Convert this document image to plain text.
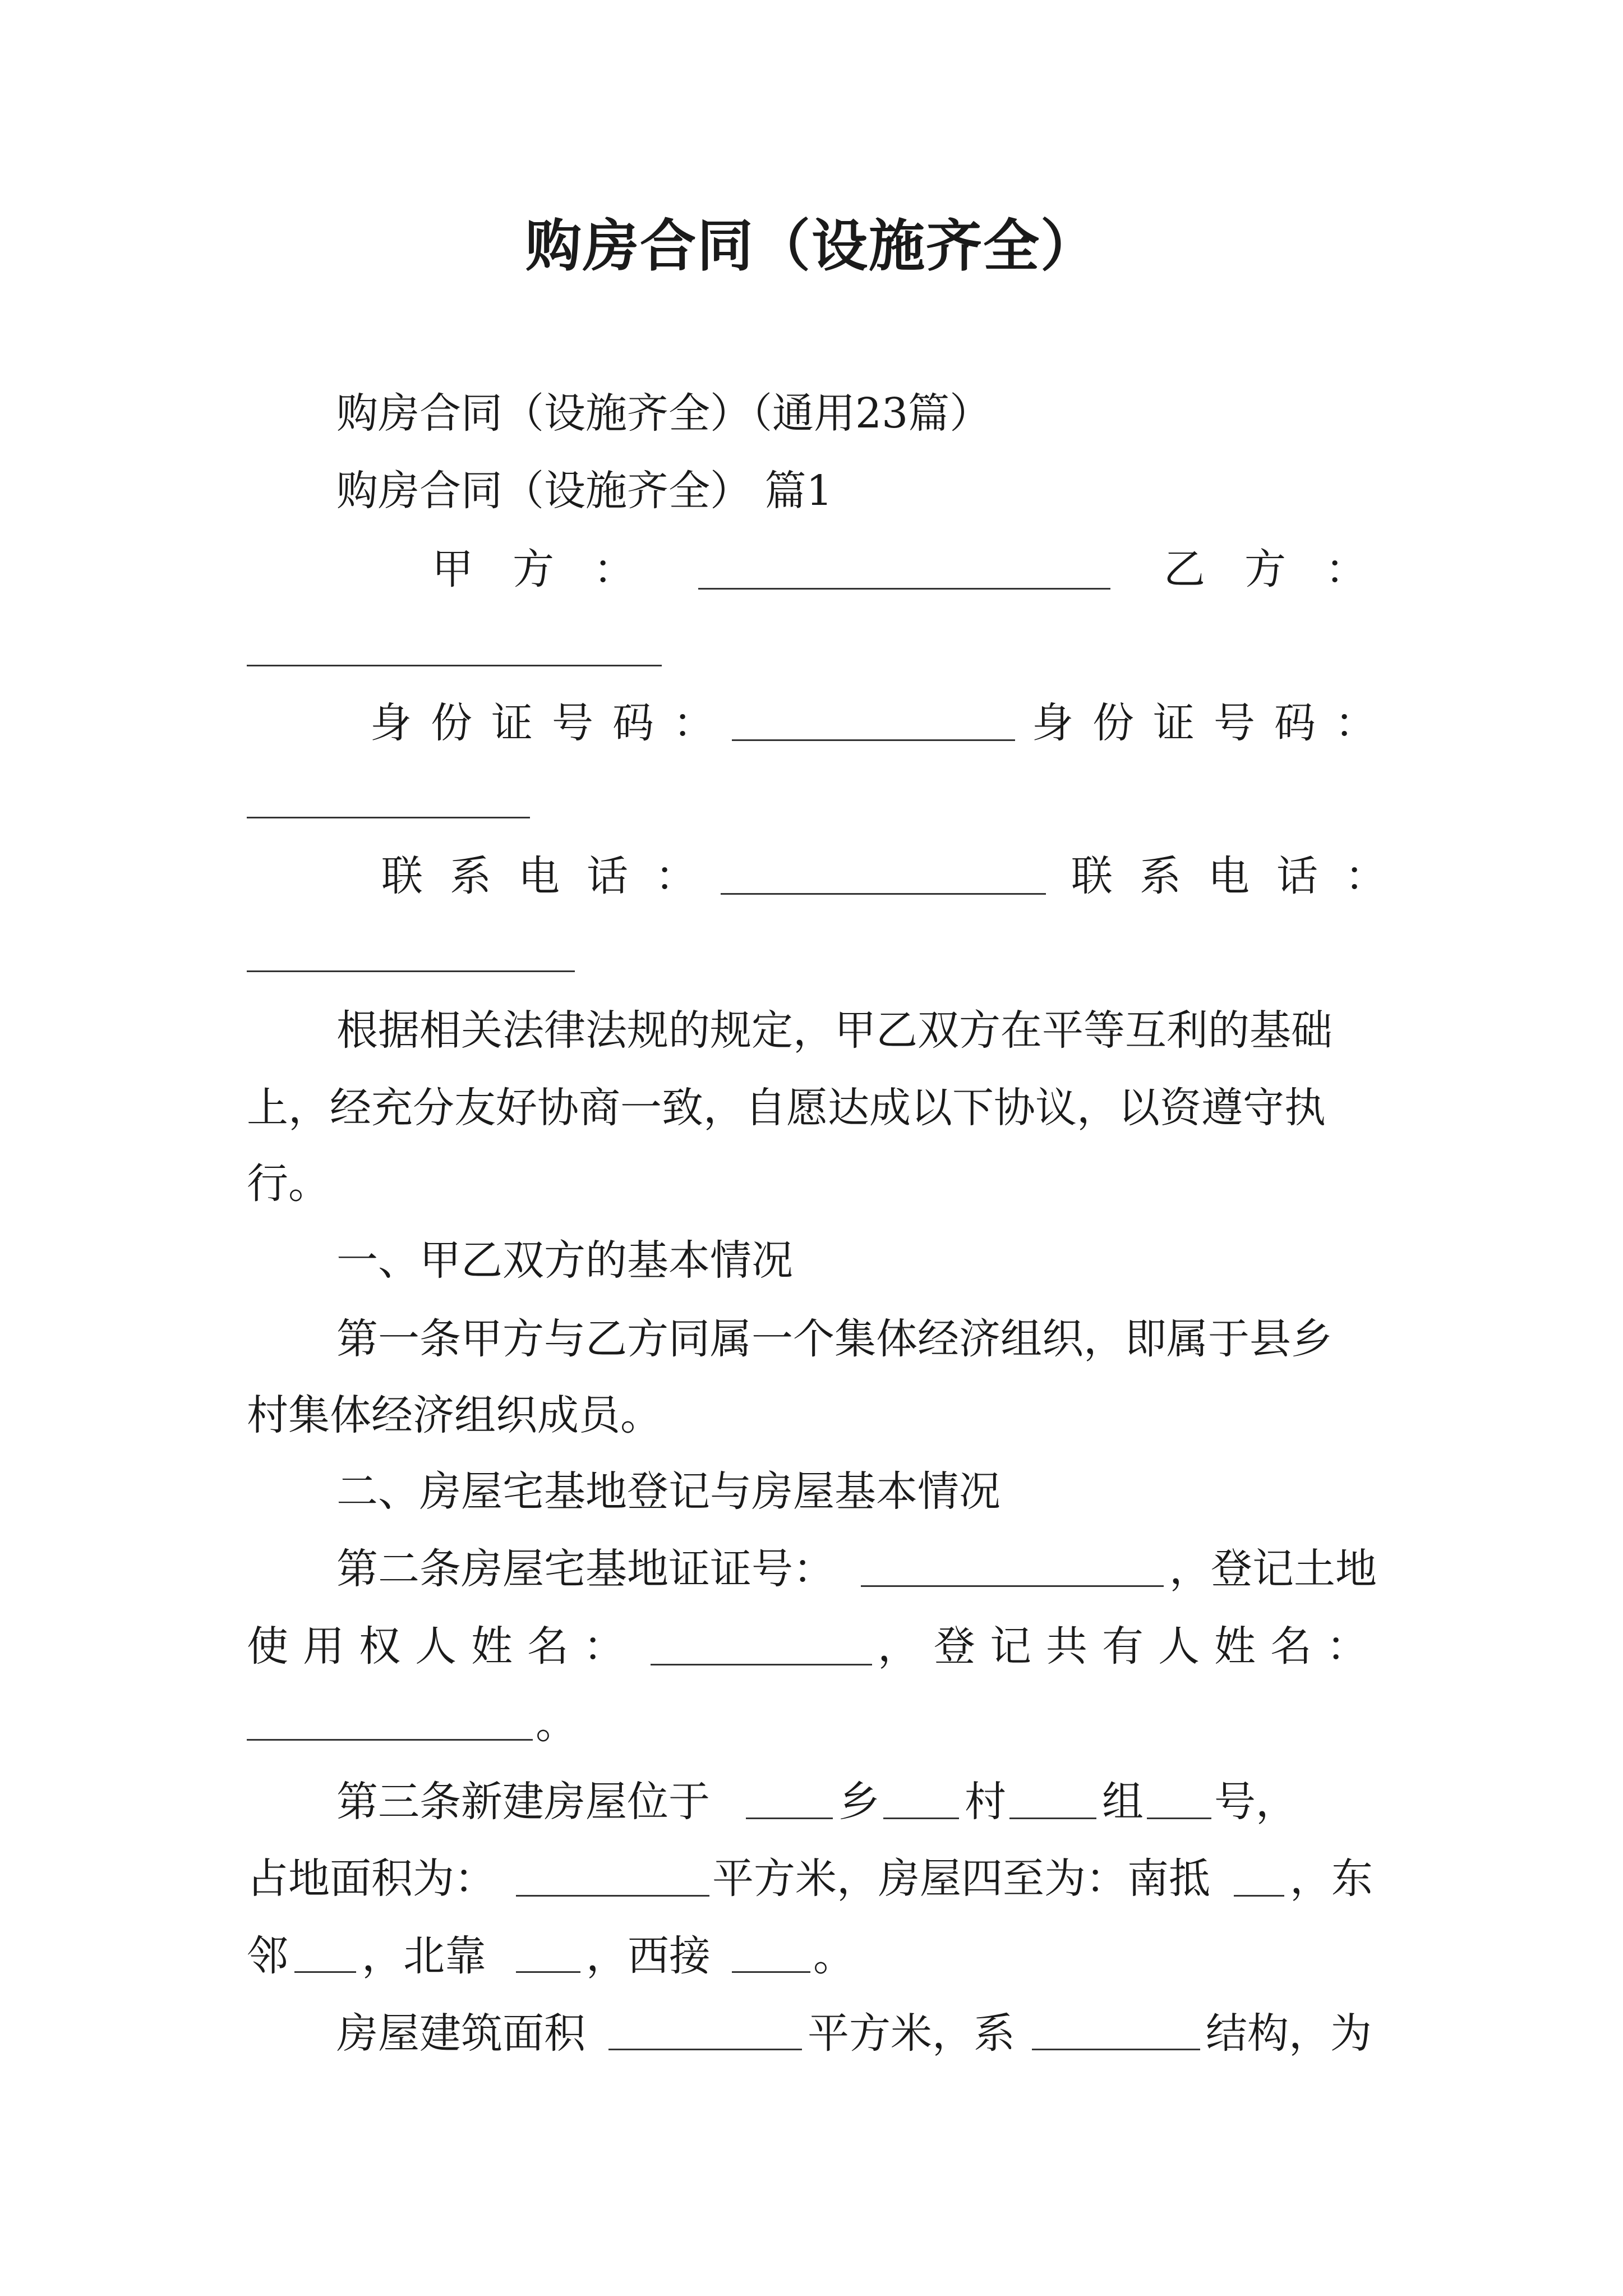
购房合同（设施齐全）
购房合同（设施齐全）（通用23篇）
购房合同（设施齐全） 篇1
甲方：	乙方：
身份证号码：	身份证号码：
联系电话：	联系电话：
根据相关法律法规的规定，甲乙双方在平等互利的基础
上，经充分友好协商一致，自愿达成以下协议，以资遵守执
行。
一、甲乙双方的基本情况
第一条甲方与乙方同属一个集体经济组织，即属于县乡
村集体经济组织成员。
二、房屋宅基地登记与房屋基本情况
第二条房屋宅基地证证号：	，登记土地
使用权人姓名：	，登记共有人姓名：
。
第三条新建房屋位于	乡 村 组 号，
占地面积为：	平方米，房屋四至为：南抵 ，东
邻 ，北靠 ，西接 。
房屋建筑面积	平方米，系	结构，为
